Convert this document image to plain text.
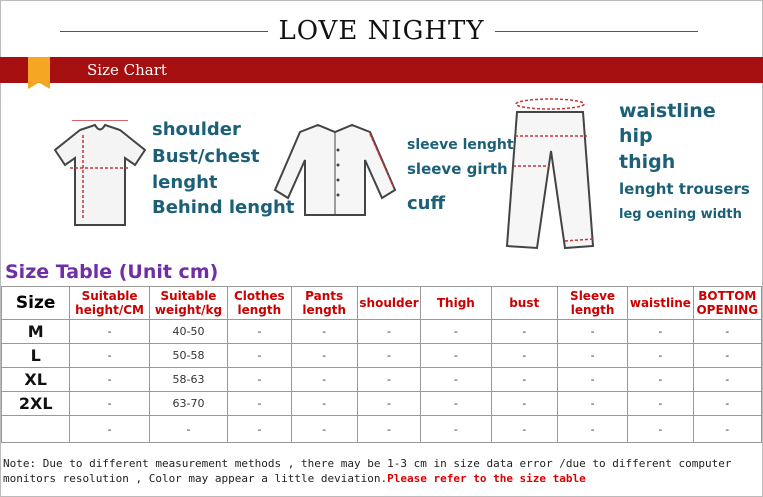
LOVE NIGHTY
Size Chart
shoulder
Bust/chest
lenght
Behind lenght
sleeve lenght
sleeve girth
cuff
waistline
hip
thigh
lenght trousers
leg oening width
Size Table (Unit cm)
Size	Suitable height/CM	Suitable weight/kg	Clothes length	Pants length	shoulder	Thigh	bust	Sleeve length	waistline	BOTTOM OPENING
M	-	40-50	-	-	-	-	-	-	-	-
L	-	50-58	-	-	-	-	-	-	-	-
XL	-	58-63	-	-	-	-	-	-	-	-
2XL	-	63-70	-	-	-	-	-	-	-	-
	-	-	-	-	-	-	-	-	-	-
Note: Due to different measurement methods , there may be 1-3 cm in size data error /due to different computer monitors resolution , Color may appear a little deviation.Please refer to the size table
